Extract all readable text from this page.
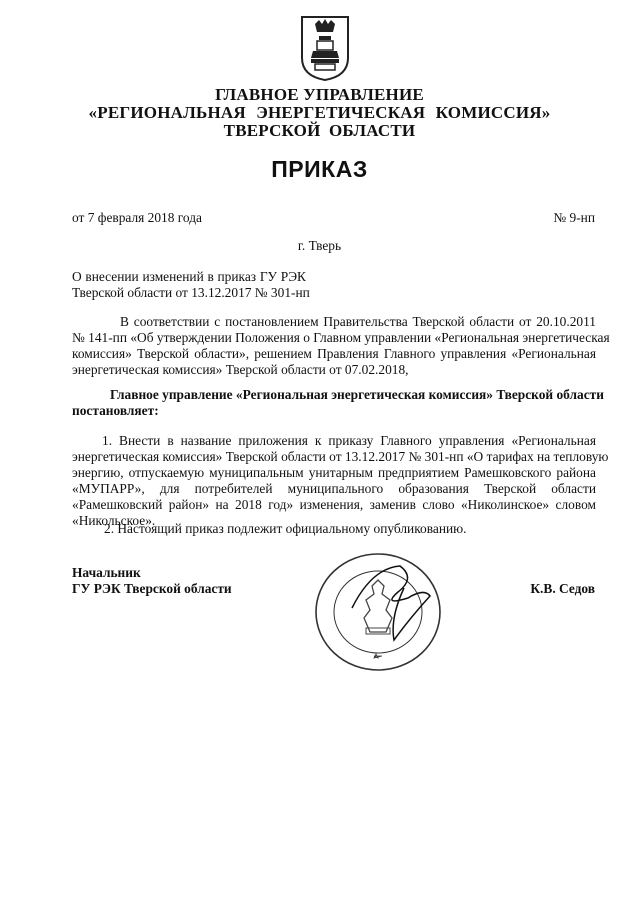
ГЛАВНОЕ УПРАВЛЕНИЕ
«РЕГИОНАЛЬНАЯ ЭНЕРГЕТИЧЕСКАЯ КОМИССИЯ»
ТВЕРСКОЙ ОБЛАСТИ
ПРИКАЗ
от 7 февраля 2018 года	№ 9-нп
г. Тверь
О внесении изменений в приказ ГУ РЭК
Тверской области от 13.12.2017 № 301-нп
В соответствии с постановлением Правительства Тверской области от 20.10.2011
№ 141-пп «Об утверждении Положения о Главном управлении «Региональная энергетическая
комиссия» Тверской области», решением Правления Главного управления «Региональная
энергетическая комиссия» Тверской области от 07.02.2018,
Главное управление «Региональная энергетическая комиссия» Тверской области
постановляет:
1. Внести в название приложения к приказу Главного управления «Региональная
энергетическая комиссия» Тверской области от 13.12.2017 № 301-нп «О тарифах на тепловую
энергию, отпускаемую муниципальным унитарным предприятием Рамешковского района
«МУПАРР», для потребителей муниципального образования Тверской области
«Рамешковский район» на 2018 год» изменения, заменив слово «Николинское» словом
«Никольское».
2. Настоящий приказ подлежит официальному опубликованию.
Начальник
ГУ РЭК Тверской области	К.В. Седов
